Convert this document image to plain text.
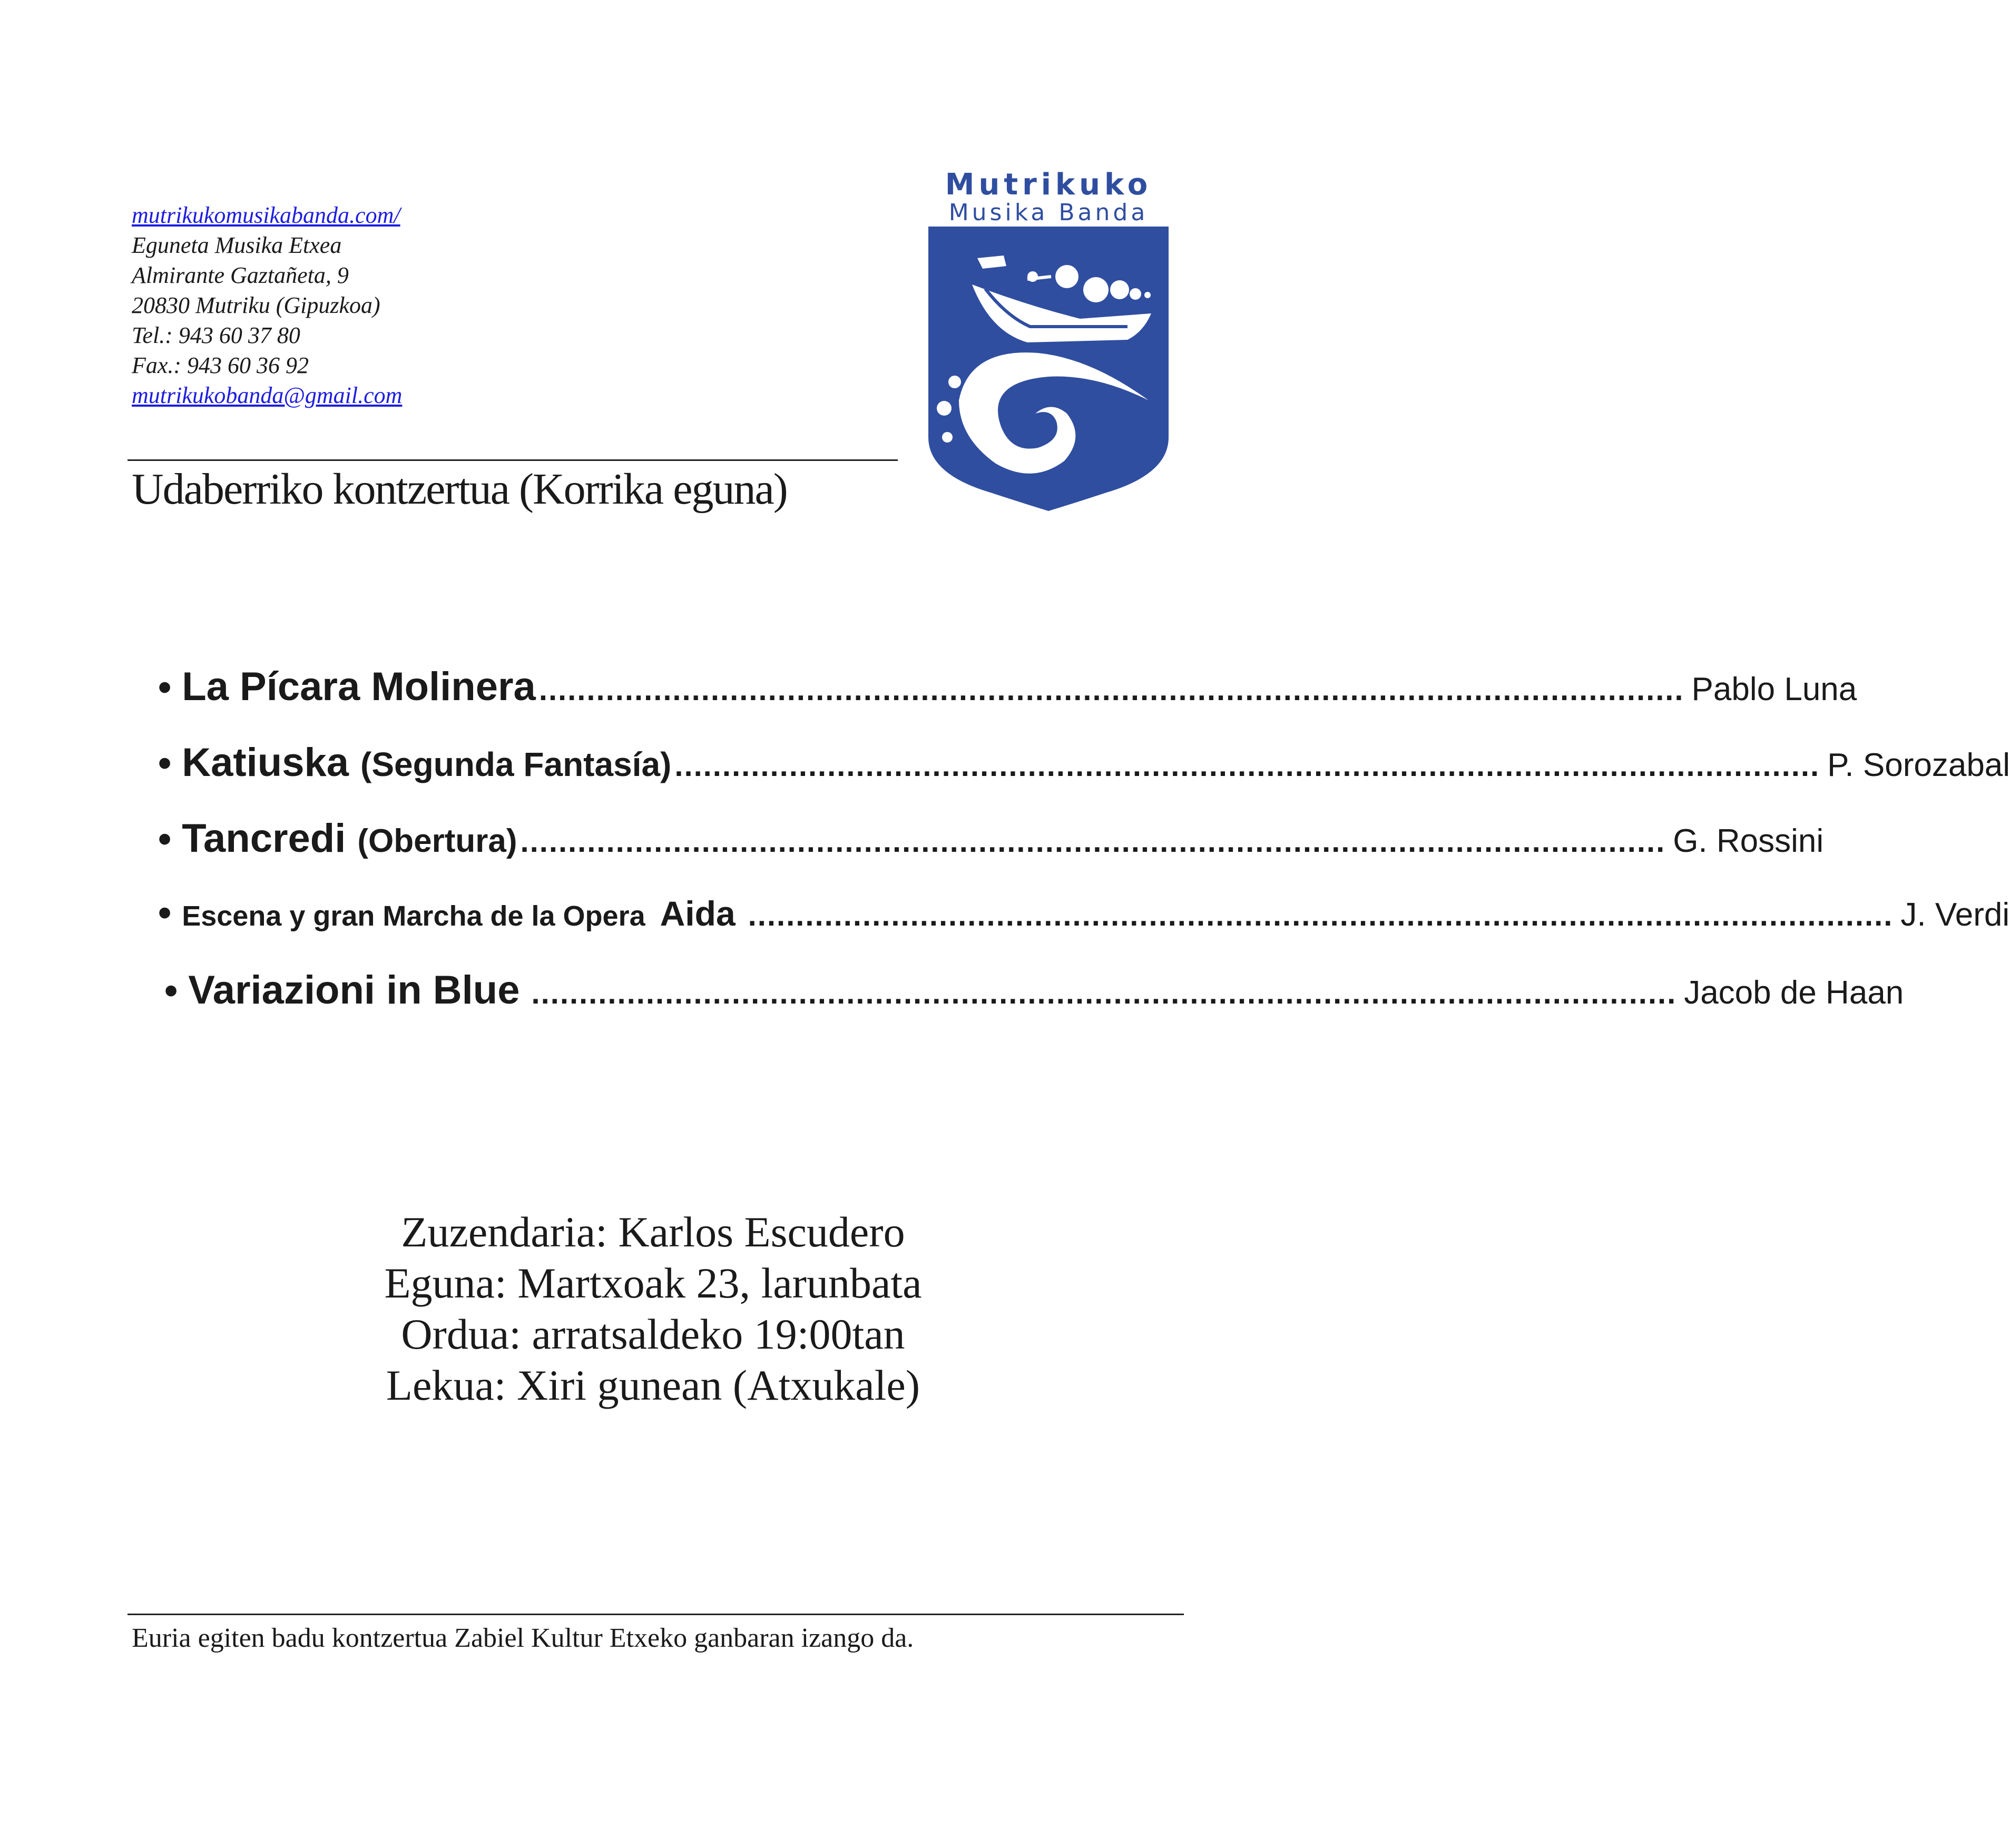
mutrikukomusikabanda.com/
Eguneta Musika Etxea
Almirante Gaztañeta, 9
20830 Mutriku (Gipuzkoa)
Tel.: 943 60 37 80
Fax.: 943 60 36 92
mutrikukobanda@gmail.com
Mutrikuko
Musika Banda
Udaberriko kontzertua (Korrika eguna)
• La Pícara Molinera ........................................................................................................................ Pablo Luna
• Katiuska (Segunda Fantasía) ........................................................................................................................ P. Sorozabal
• Tancredi (Obertura) ........................................................................................................................ G. Rossini
• Escena y gran Marcha de la Opera Aida ........................................................................................................................ J. Verdi
• Variazioni in Blue ........................................................................................................................ Jacob de Haan
Zuzendaria: Karlos Escudero
Eguna: Martxoak 23, larunbata
Ordua: arratsaldeko 19:00tan
Lekua: Xiri gunean (Atxukale)
Euria egiten badu kontzertua Zabiel Kultur Etxeko ganbaran izango da.
